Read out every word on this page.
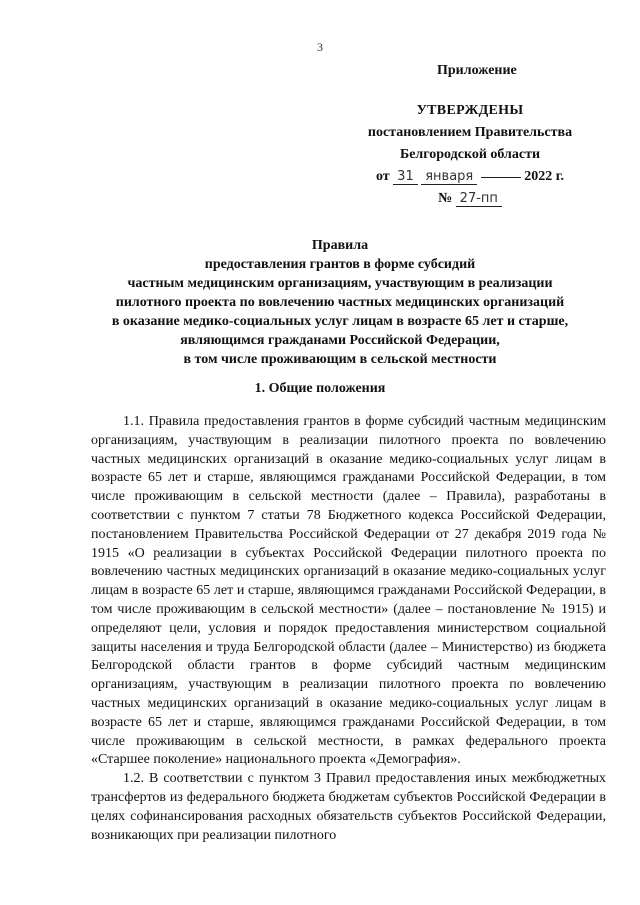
3
Приложение
УТВЕРЖДЕНЫ
постановлением Правительства
Белгородской области
от 31 января	2022 г.
№ 27-пп
Правила
предоставления грантов в форме субсидий
частным медицинским организациям, участвующим в реализации
пилотного проекта по вовлечению частных медицинских организаций
в оказание медико-социальных услуг лицам в возрасте 65 лет и старше,
являющимся гражданами Российской Федерации,
в том числе проживающим в сельской местности
1. Общие положения

1.1. Правила предоставления грантов в форме субсидий частным медицинским организациям, участвующим в реализации пилотного проекта по вовлечению частных медицинских организаций в оказание медико-социальных услуг лицам в возрасте 65 лет и старше, являющимся гражданами Российской Федерации, в том числе проживающим в сельской местности (далее – Правила), разработаны в соответствии с пунктом 7 статьи 78 Бюджетного кодекса Российской Федерации, постановлением Правительства Российской Федерации от 27 декабря 2019 года № 1915 «О реализации в субъектах Российской Федерации пилотного проекта по вовлечению частных медицинских организаций в оказание медико-социальных услуг лицам в возрасте 65 лет и старше, являющимся гражданами Российской Федерации, в том числе проживающим в сельской местности» (далее – постановление № 1915) и определяют цели, условия и порядок предоставления министерством социальной защиты населения и труда Белгородской области (далее – Министерство) из бюджета Белгородской области грантов в форме субсидий частным медицинским организациям, участвующим в реализации пилотного проекта по вовлечению частных медицинских организаций в оказание медико-социальных услуг лицам в возрасте 65 лет и старше, являющимся гражданами Российской Федерации, в том числе проживающим в сельской местности, в рамках федерального проекта «Старшее поколение» национального проекта «Демография».

1.2. В соответствии с пунктом 3 Правил предоставления иных межбюджетных трансфертов из федерального бюджета бюджетам субъектов Российской Федерации в целях софинансирования расходных обязательств субъектов Российской Федерации, возникающих при реализации пилотного
